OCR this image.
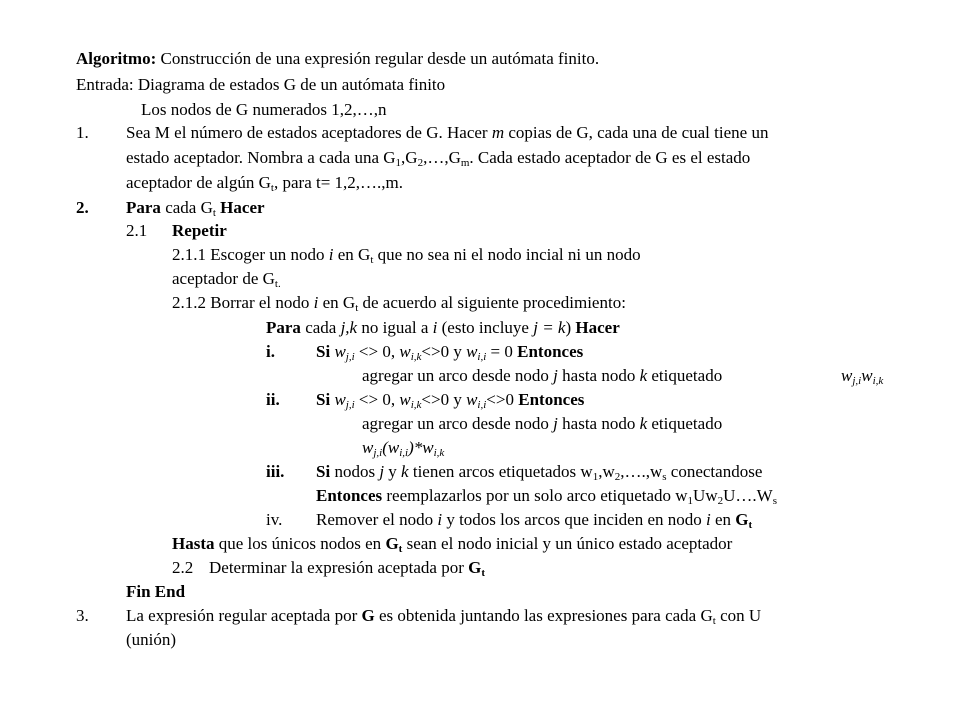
Algoritmo: Construcción de una expresión regular desde un autómata finito.
Entrada: Diagrama de estados G de un autómata finito
Los nodos de G numerados 1,2,…,n
1. Sea M el número de estados aceptadores de G. Hacer m copias de G, cada una de cual tiene un
estado aceptador. Nombra a cada una $G_1,G_2,\dots,G_m$. Cada estado aceptador de G es el estado
aceptador de algún $G_t$, para t= 1,2,….,m.
2. Para cada $G_t$ Hacer
2.1 Repetir
2.1.1 Escoger un nodo i en $G_t$ que no sea ni el nodo incial ni un nodo
aceptador de $G_{t.}$
2.1.2 Borrar el nodo i en $G_t$ de acuerdo al siguiente procedimiento:
Para cada j,k no igual a i (esto incluye j = k) Hacer
i. Si $w_{j,i} <> 0$, $w_{i,k}<>0$ y $w_{i,i} = 0$ Entonces
agregar un arco desde nodo j hasta nodo k etiquetado	$w_{j,i}w_{i,k}$
ii. Si $w_{j,i} <> 0$, $w_{i,k}<>0$ y $w_{i,i}<>0$ Entonces
agregar un arco desde nodo j hasta nodo k etiquetado
$w_{j,i}(w_{i,i})*w_{i,k}$
iii. Si nodos j y k tienen arcos etiquetados $w_1,w_2,\dots.,w_s$ conectandose
Entonces reemplazarlos por un solo arco etiquetado $w_1Uw_2U\dots.W_s$
iv. Remover el nodo i y todos los arcos que inciden en nodo i en $G_t$
Hasta que los únicos nodos en $G_t$ sean el nodo inicial y un único estado aceptador
2.2 Determinar la expresión aceptada por $G_t$
Fin End
3. La expresión regular aceptada por G es obtenida juntando las expresiones para cada $G_t$ con U
(unión)
